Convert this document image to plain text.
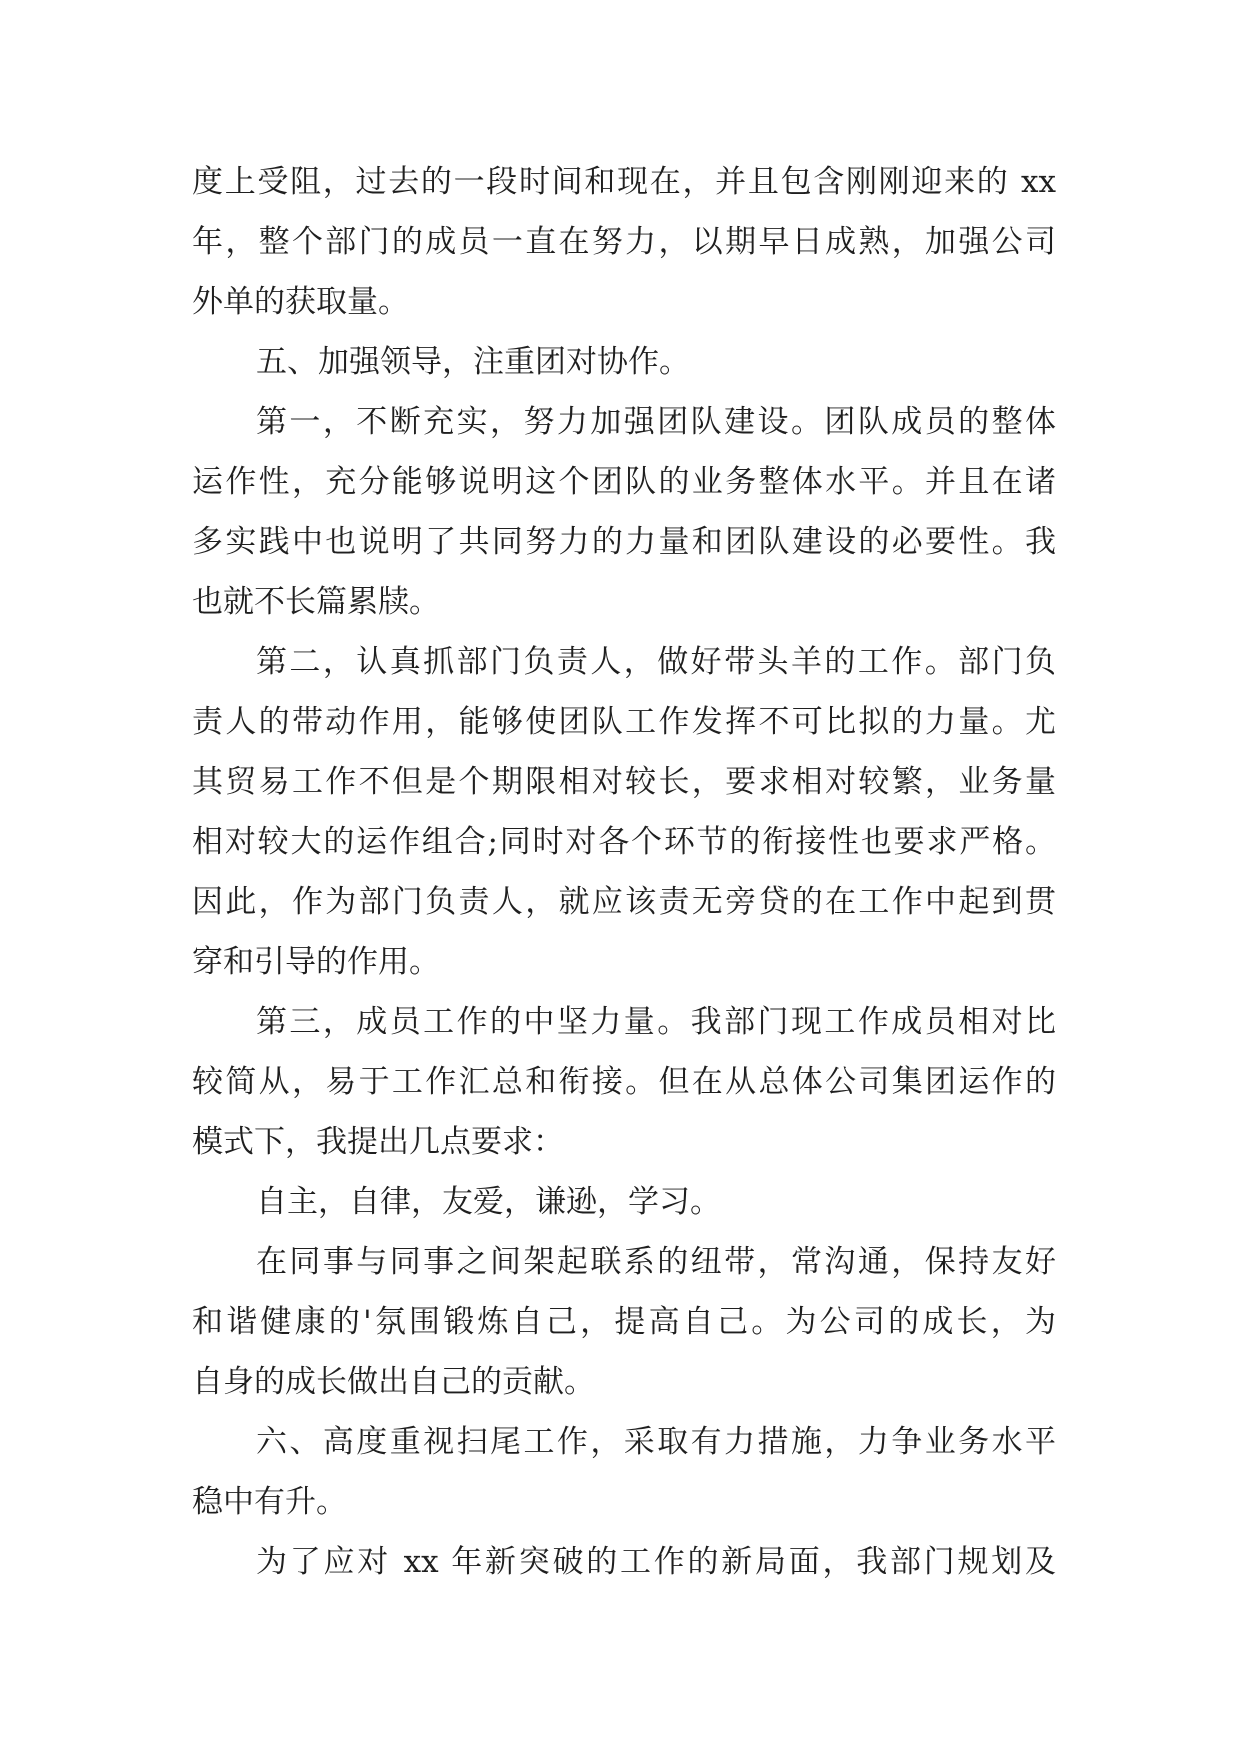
度上受阻，过去的一段时间和现在，并且包含刚刚迎来的 xx
年，整个部门的成员一直在努力，以期早日成熟，加强公司
外单的获取量。
五、加强领导，注重团对协作。
第一，不断充实，努力加强团队建设。团队成员的整体
运作性，充分能够说明这个团队的业务整体水平。并且在诸
多实践中也说明了共同努力的力量和团队建设的必要性。我
也就不长篇累牍。
第二，认真抓部门负责人，做好带头羊的工作。部门负
责人的带动作用，能够使团队工作发挥不可比拟的力量。尤
其贸易工作不但是个期限相对较长，要求相对较繁，业务量
相对较大的运作组合;同时对各个环节的衔接性也要求严格。
因此，作为部门负责人，就应该责无旁贷的在工作中起到贯
穿和引导的作用。
第三，成员工作的中坚力量。我部门现工作成员相对比
较简从，易于工作汇总和衔接。但在从总体公司集团运作的
模式下，我提出几点要求：
自主，自律，友爱，谦逊，学习。
在同事与同事之间架起联系的纽带，常沟通，保持友好
和谐健康的'氛围锻炼自己，提高自己。为公司的成长，为
自身的成长做出自己的贡献。
六、高度重视扫尾工作，采取有力措施，力争业务水平
稳中有升。
为了应对 xx 年新突破的工作的新局面，我部门规划及
